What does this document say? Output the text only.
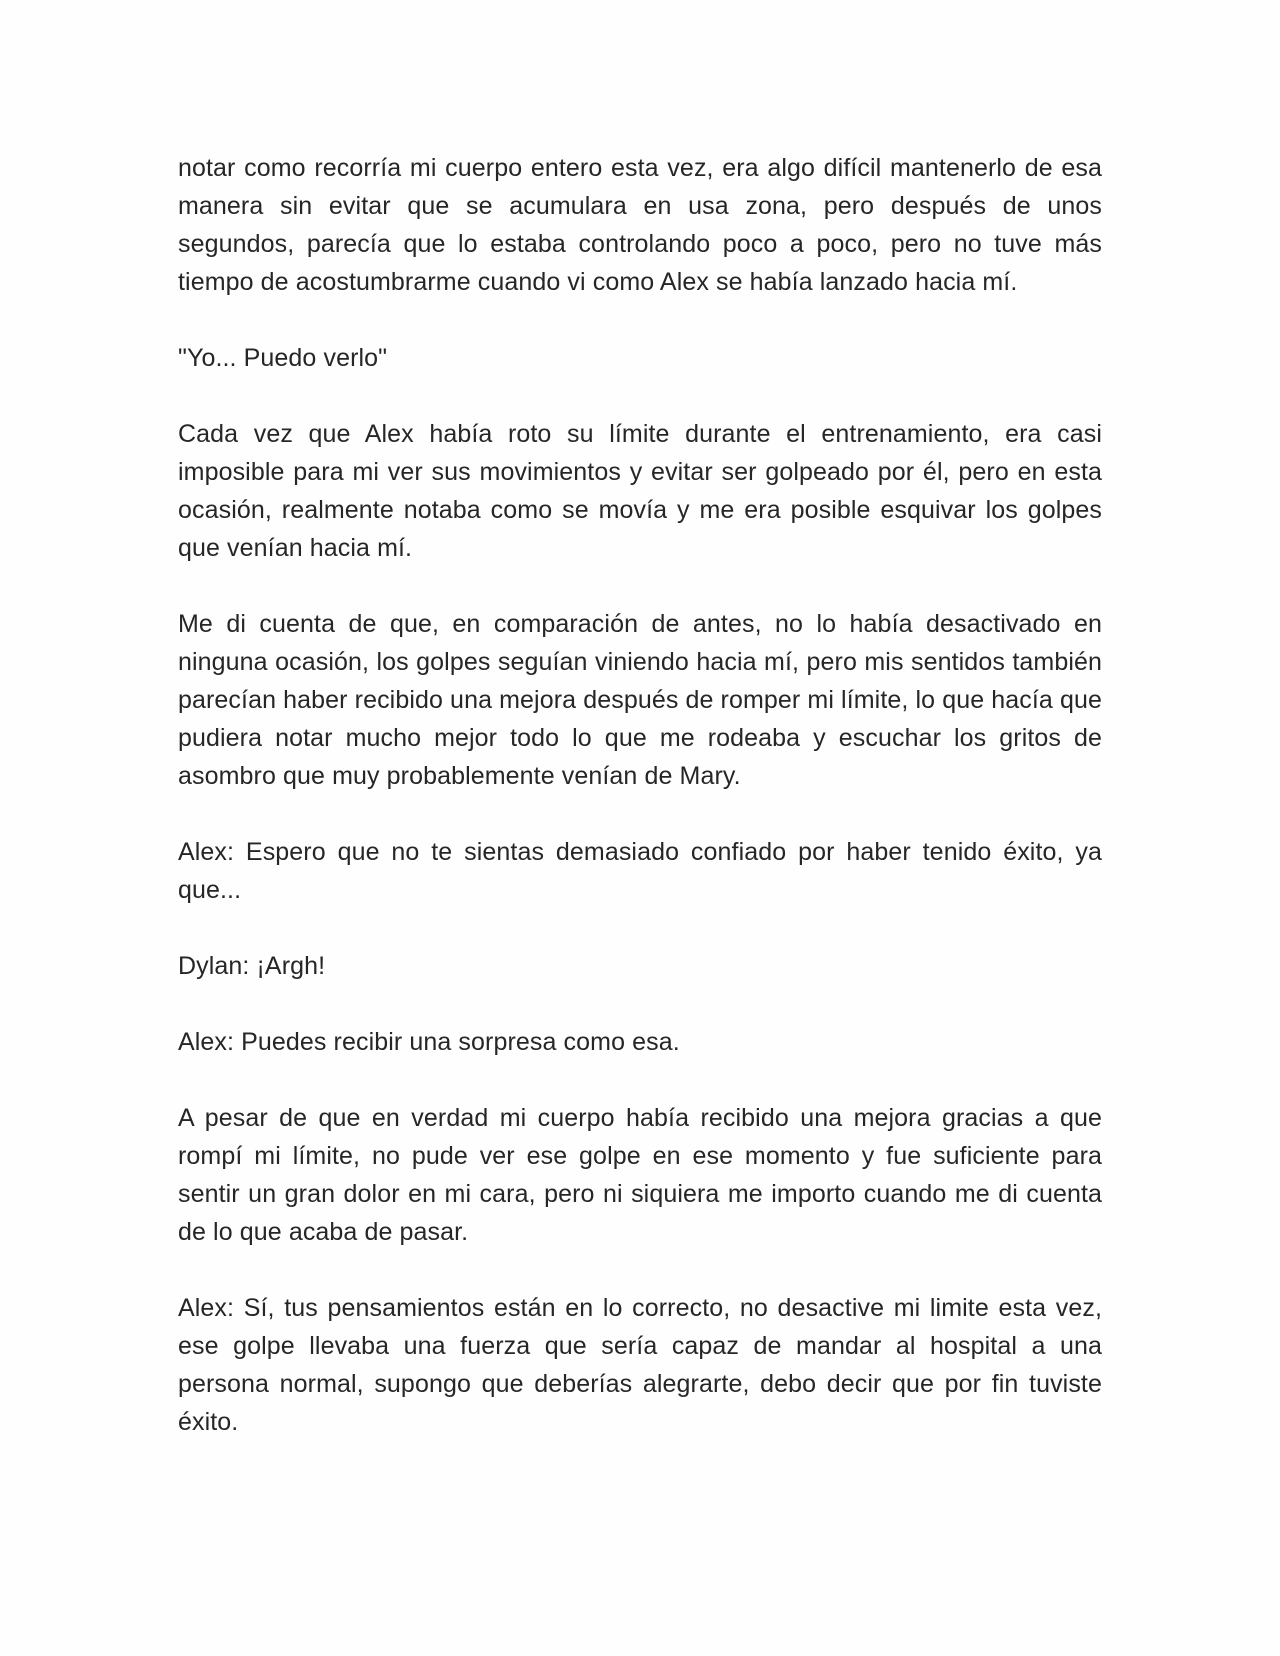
notar como recorría mi cuerpo entero esta vez, era algo difícil mantenerlo de esa manera sin evitar que se acumulara en usa zona, pero después de unos segundos, parecía que lo estaba controlando poco a poco, pero no tuve más tiempo de acostumbrarme cuando vi como Alex se había lanzado hacia mí.

"Yo... Puedo verlo"

Cada vez que Alex había roto su límite durante el entrenamiento, era casi imposible para mi ver sus movimientos y evitar ser golpeado por él, pero en esta ocasión, realmente notaba como se movía y me era posible esquivar los golpes que venían hacia mí.

Me di cuenta de que, en comparación de antes, no lo había desactivado en ninguna ocasión, los golpes seguían viniendo hacia mí, pero mis sentidos también parecían haber recibido una mejora después de romper mi límite, lo que hacía que pudiera notar mucho mejor todo lo que me rodeaba y escuchar los gritos de asombro que muy probablemente venían de Mary.

Alex: Espero que no te sientas demasiado confiado por haber tenido éxito, ya que...

Dylan: ¡Argh!

Alex: Puedes recibir una sorpresa como esa.

A pesar de que en verdad mi cuerpo había recibido una mejora gracias a que rompí mi límite, no pude ver ese golpe en ese momento y fue suficiente para sentir un gran dolor en mi cara, pero ni siquiera me importo cuando me di cuenta de lo que acaba de pasar.

Alex: Sí, tus pensamientos están en lo correcto, no desactive mi limite esta vez, ese golpe llevaba una fuerza que sería capaz de mandar al hospital a una persona normal, supongo que deberías alegrarte, debo decir que por fin tuviste éxito.
